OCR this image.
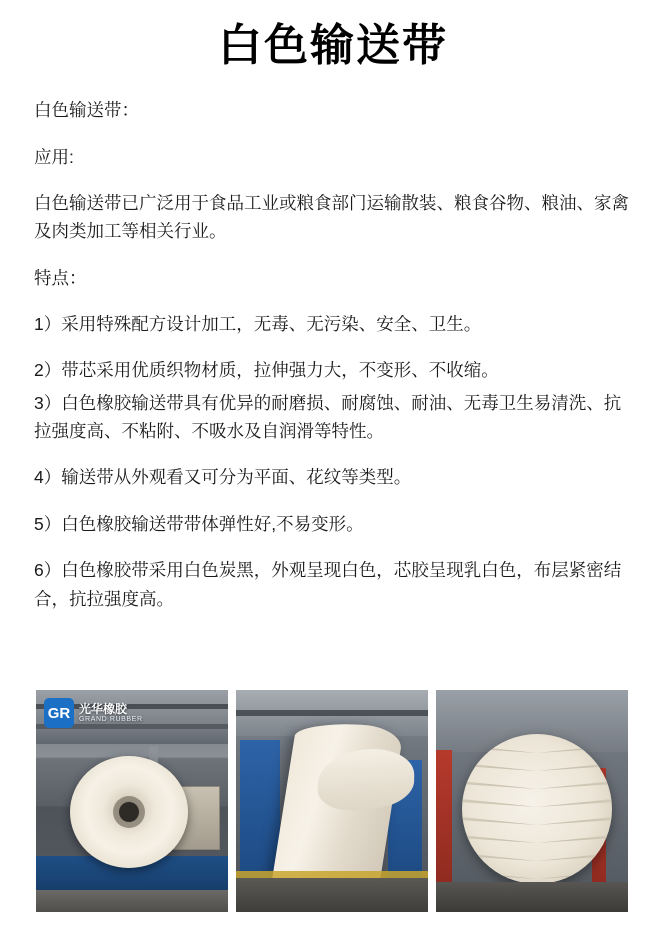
白色输送带

白色输送带：

应用:

白色输送带已广泛用于食品工业或粮食部门运输散装、粮食谷物、粮油、家禽及肉类加工等相关行业。

特点：

1）采用特殊配方设计加工，无毒、无污染、安全、卫生。

2）带芯采用优质织物材质，拉伸强力大，不变形、不收缩。

3）白色橡胶输送带具有优异的耐磨损、耐腐蚀、耐油、无毒卫生易清洗、抗拉强度高、不粘附、不吸水及自润滑等特性。

4）输送带从外观看又可分为平面、花纹等类型。

5）白色橡胶输送带带体弹性好,不易变形。

6）白色橡胶带采用白色炭黑，外观呈现白色，芯胶呈现乳白色，布层紧密结合，抗拉强度高。

GR 光华橡胶
GRAND RUBBER
